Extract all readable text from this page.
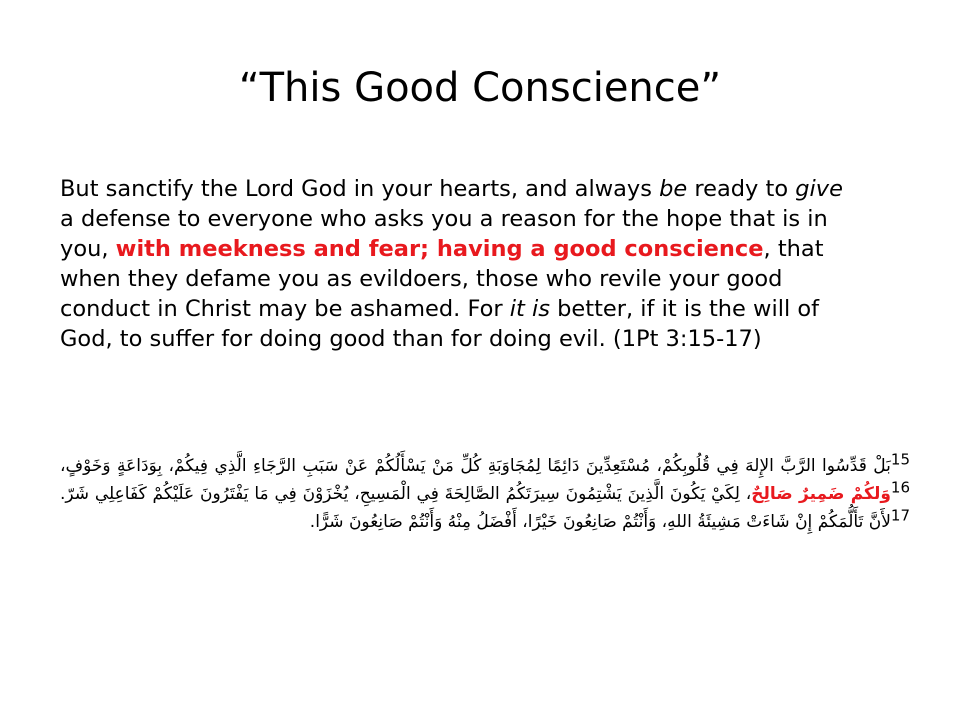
“This Good Conscience”

But sanctify the Lord God in your hearts, and always be ready to give a defense to everyone who asks you a reason for the hope that is in you, with meekness and fear; having a good conscience, that when they defame you as evildoers, those who revile your good conduct in Christ may be ashamed. For it is better, if it is the will of God, to suffer for doing good than for doing evil. (1Pt 3:15-17)

$^{15}$بَلْ قَدِّسُوا الرَّبَّ الإِلهَ فِي قُلُوبِكُمْ، مُسْتَعِدِّينَ دَائِمًا لِمُجَاوَبَةِ كُلِّ مَنْ يَسْأَلُكُمْ عَنْ سَبَبِ الرَّجَاءِ الَّذِي فِيكُمْ، بِوَدَاعَةٍ وَخَوْفٍ، $^{16}$وَلكُمْ ضَمِيرٌ صَالِحٌ، لِكَيْ يَكُونَ الَّذِينَ يَشْتِمُونَ سِيرَتَكُمُ الصَّالِحَةَ فِي الْمَسِيحِ، يُخْزَوْنَ فِي مَا يَفْتَرُونَ عَلَيْكُمْ كَفَاعِلِي شَرّ. $^{17}$لأَنَّ تَأَلُّمَكُمْ إِنْ شَاءَتْ مَشِيئَةُ اللهِ، وَأَنْتُمْ صَانِعُونَ خَيْرًا، أَفْضَلُ مِنْهُ وَأَنْتُمْ صَانِعُونَ شَرًّا.
